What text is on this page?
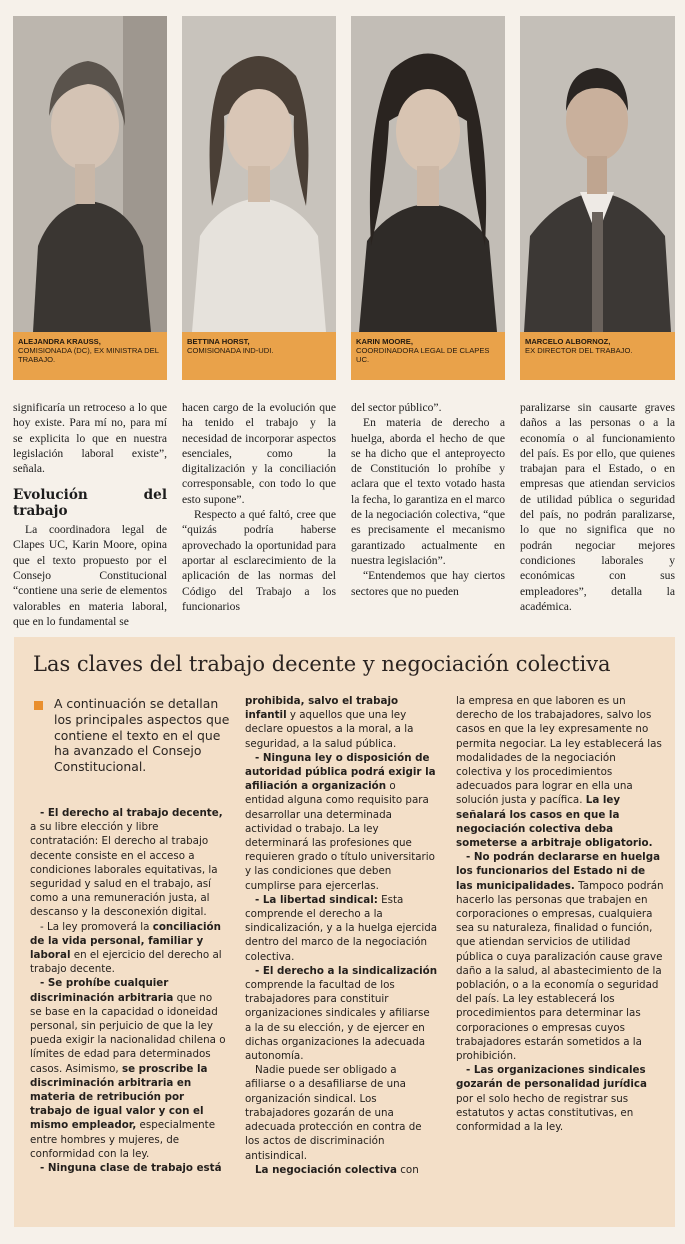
ALEJANDRA KRAUSS,
COMISIONADA (DC), EX MINISTRA DEL TRABAJO.
BETTINA HORST,
COMISIONADA IND-UDI.
KARIN MOORE,
COORDINADORA LEGAL DE CLAPES UC.
MARCELO ALBORNOZ,
EX DIRECTOR DEL TRABAJO.

significaría un retroceso a lo que hoy existe. Para mí no, para mí se explicita lo que en nuestra legislación laboral existe”, señala.

Evolución del trabajo

La coordinadora legal de Clapes UC, Karin Moore, opina que el texto propuesto por el Consejo Constitucional “contiene una serie de elementos valorables en materia laboral, que en lo fundamental se

hacen cargo de la evolución que ha tenido el trabajo y la necesidad de incorporar aspectos esenciales, como la digitalización y la conciliación corresponsable, con todo lo que esto supone”.

Respecto a qué faltó, cree que “quizás podría haberse aprovechado la oportunidad para aportar al esclarecimiento de la aplicación de las normas del Código del Trabajo a los funcionarios

del sector público”.

En materia de derecho a huelga, aborda el hecho de que se ha dicho que el anteproyecto de Constitución lo prohíbe y aclara que el texto votado hasta la fecha, lo garantiza en el marco de la negociación colectiva, “que es precisamente el mecanismo garantizado actualmente en nuestra legislación”.

“Entendemos que hay ciertos sectores que no pueden

paralizarse sin causarte graves daños a las personas o a la economía o al funcionamiento del país. Es por ello, que quienes trabajan para el Estado, o en empresas que atiendan servicios de utilidad pública o seguridad del país, no podrán paralizarse, lo que no significa que no podrán negociar mejores condiciones laborales y económicas con sus empleadores”, detalla la académica.

Las claves del trabajo decente y negociación colectiva
A continuación se detallan los principales aspectos que contiene el texto en el que ha avanzado el Consejo Constitucional.

- El derecho al trabajo decente, a su libre elección y libre contratación: El derecho al trabajo decente consiste en el acceso a condiciones laborales equitativas, la seguridad y salud en el trabajo, así como a una remuneración justa, al descanso y la desconexión digital.

- La ley promoverá la conciliación de la vida personal, familiar y laboral en el ejercicio del derecho al trabajo decente.

- Se prohíbe cualquier discriminación arbitraria que no se base en la capacidad o idoneidad personal, sin perjuicio de que la ley pueda exigir la nacionalidad chilena o límites de edad para determinados casos. Asimismo, se proscribe la discriminación arbitraria en materia de retribución por trabajo de igual valor y con el mismo empleador, especialmente entre hombres y mujeres, de conformidad con la ley.

- Ninguna clase de trabajo está

prohibida, salvo el trabajo infantil y aquellos que una ley declare opuestos a la moral, a la seguridad, a la salud pública.

- Ninguna ley o disposición de autoridad pública podrá exigir la afiliación a organización o entidad alguna como requisito para desarrollar una determinada actividad o trabajo. La ley determinará las profesiones que requieren grado o título universitario y las condiciones que deben cumplirse para ejercerlas.

- La libertad sindical: Esta comprende el derecho a la sindicalización, y a la huelga ejercida dentro del marco de la negociación colectiva.

- El derecho a la sindicalización comprende la facultad de los trabajadores para constituir organizaciones sindicales y afiliarse a la de su elección, y de ejercer en dichas organizaciones la adecuada autonomía.

Nadie puede ser obligado a afiliarse o a desafiliarse de una organización sindical. Los trabajadores gozarán de una adecuada protección en contra de los actos de discriminación antisindical.

La negociación colectiva con

la empresa en que laboren es un derecho de los trabajadores, salvo los casos en que la ley expresamente no permita negociar. La ley establecerá las modalidades de la negociación colectiva y los procedimientos adecuados para lograr en ella una solución justa y pacífica. La ley señalará los casos en que la negociación colectiva deba someterse a arbitraje obligatorio.

- No podrán declararse en huelga los funcionarios del Estado ni de las municipalidades. Tampoco podrán hacerlo las personas que trabajen en corporaciones o empresas, cualquiera sea su naturaleza, finalidad o función, que atiendan servicios de utilidad pública o cuya paralización cause grave daño a la salud, al abastecimiento de la población, o a la economía o seguridad del país. La ley establecerá los procedimientos para determinar las corporaciones o empresas cuyos trabajadores estarán sometidos a la prohibición.

- Las organizaciones sindicales gozarán de personalidad jurídica por el solo hecho de registrar sus estatutos y actas constitutivas, en conformidad a la ley.
